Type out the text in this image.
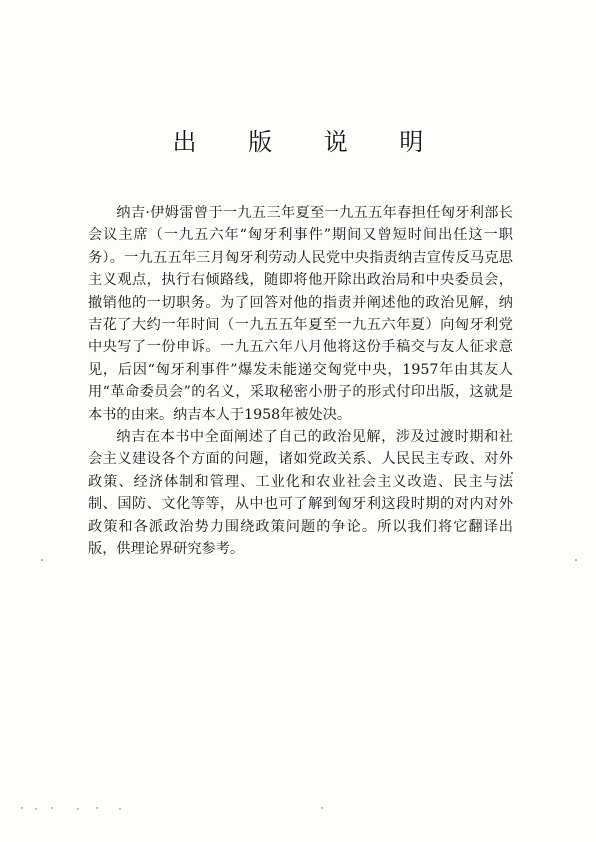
出 版 说 明

纳吉·伊姆雷曾于一九五三年夏至一九五五年春担任匈牙利部长会议主席（一九五六年“匈牙利事件”期间又曾短时间出任这一职务）。一九五五年三月匈牙利劳动人民党中央指责纳吉宣传反马克思主义观点，执行右倾路线，随即将他开除出政治局和中央委员会，撤销他的一切职务。为了回答对他的指责并阐述他的政治见解，纳吉花了大约一年时间（一九五五年夏至一九五六年夏）向匈牙利党中央写了一份申诉。一九五六年八月他将这份手稿交与友人征求意见，后因“匈牙利事件”爆发未能递交匈党中央，1957年由其友人用“革命委员会”的名义，采取秘密小册子的形式付印出版，这就是本书的由来。纳吉本人于1958年被处决。

纳吉在本书中全面阐述了自己的政治见解，涉及过渡时期和社会主义建设各个方面的问题，诸如党政关系、人民民主专政、对外政策、经济体制和管理、工业化和农业社会主义改造、民主与法制、国防、文化等等，从中也可了解到匈牙利这段时期的对内对外政策和各派政治势力围绕政策问题的争论。所以我们将它翻译出版，供理论界研究参考。
